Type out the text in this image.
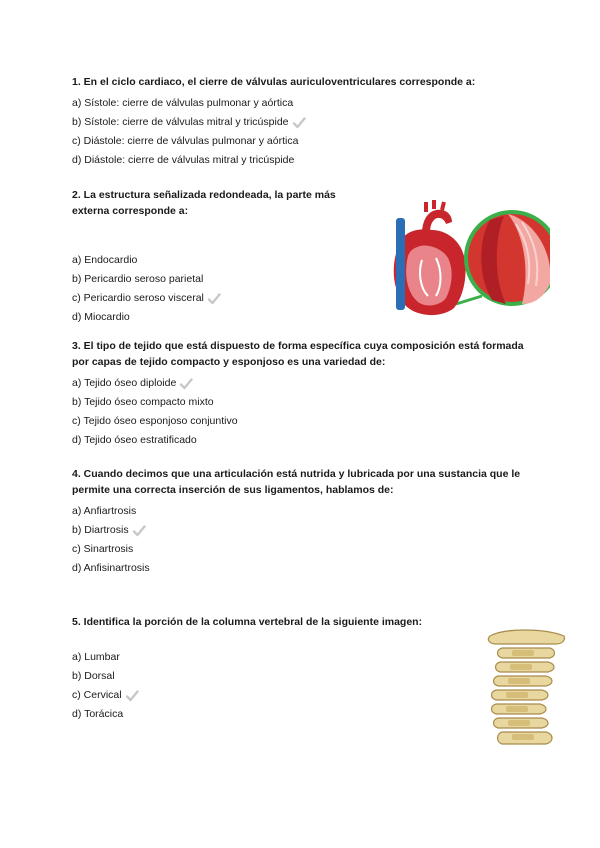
1. En el ciclo cardiaco, el cierre de válvulas auriculoventriculares corresponde a:

a) Sístole: cierre de válvulas pulmonar y aórtica
b) Sístole: cierre de válvulas mitral y tricúspide
c) Diástole: cierre de válvulas pulmonar y aórtica
d) Diástole: cierre de válvulas mitral y tricúspide

2. La estructura señalizada redondeada, la parte más externa corresponde a:

a) Endocardio
b) Pericardio seroso parietal
c) Pericardio seroso visceral
d) Miocardio

3. El tipo de tejido que está dispuesto de forma específica cuya composición está formada por capas de tejido compacto y esponjoso es una variedad de:

a) Tejido óseo diploide
b) Tejido óseo compacto mixto
c) Tejido óseo esponjoso conjuntivo
d) Tejido óseo estratificado

4. Cuando decimos que una articulación está nutrida y lubricada por una sustancia que le permite una correcta inserción de sus ligamentos, hablamos de:

a) Anfiartrosis
b) Diartrosis
c) Sinartrosis
d) Anfisinartrosis

5. Identifica la porción de la columna vertebral de la siguiente imagen:

a) Lumbar
b) Dorsal
c) Cervical
d) Torácica
